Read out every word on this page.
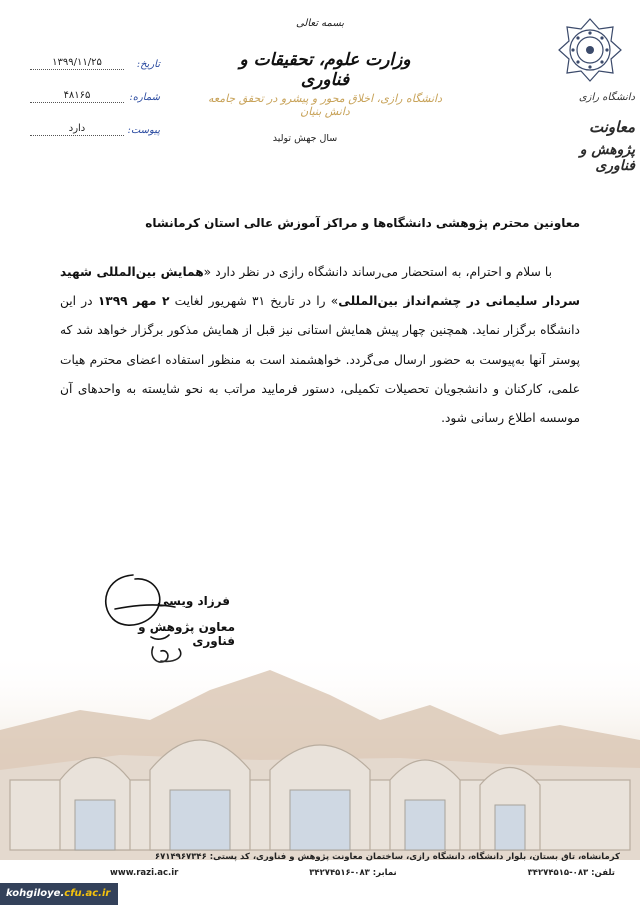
تاریخ:
۱۳۹۹/۱۱/۲۵
شماره:
۴۸۱۶۵
پیوست:
دارد
بسمه تعالی
وزارت علوم، تحقیقات و فناوری
دانشگاه رازی، اخلاق محور و پیشرو در تحقق جامعه دانش بنیان
سال جهش تولید
دانشگاه رازی
معاونت
پژوهش و فناوری
معاونین محترم پژوهشی دانشگاه‌ها و مراکز آموزش عالی استان کرمانشاه

با سلام و احترام، به استحضار می‌رساند دانشگاه رازی در نظر دارد «همایش بین‌المللی شهید سردار سلیمانی در چشم‌انداز بین‌المللی» را در تاریخ ۳۱ شهریور لغایت ۲ مهر ۱۳۹۹ در این دانشگاه برگزار نماید. همچنین چهار پیش همایش استانی نیز قبل از همایش مذکور برگزار خواهد شد که پوستر آنها به‌پیوست به حضور ارسال می‌گردد. خواهشمند است به منظور استفاده اعضای محترم هیات علمی، کارکنان و دانشجویان تحصیلات تکمیلی، دستور فرمایید مراتب به نحو شایسته به واحدهای آن موسسه اطلاع رسانی شود.

فرزاد ویسی
معاون پژوهش و فناوری
کرمانشاه، تاق بستان، بلوار دانشگاه، دانشگاه رازی، ساختمان معاونت پژوهش و فناوری، کد پستی: ۶۷۱۴۹۶۷۳۴۶
تلفن: ۰۸۳-۳۴۲۷۴۵۱۵
نمابر: ۰۸۳-۳۴۲۷۴۵۱۶
www.razi.ac.ir
kohgiloye.cfu.ac.ir
